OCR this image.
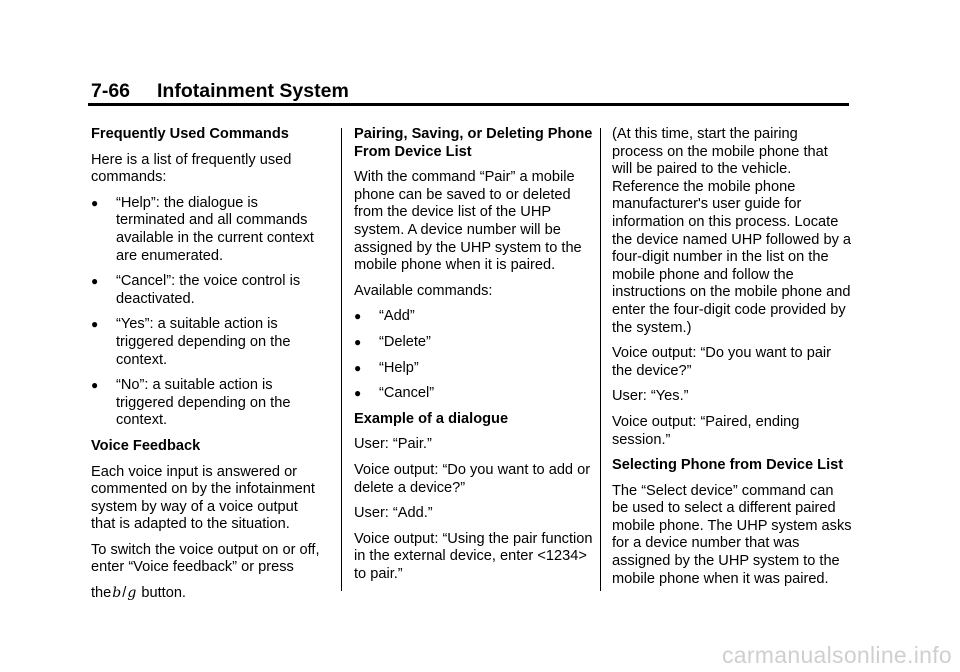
7-66 Infotainment System
Frequently Used Commands
Here is a list of frequently used commands:
● “Help”: the dialogue is terminated and all commands available in the current context are enumerated.
● “Cancel”: the voice control is deactivated.
● “Yes”: a suitable action is triggered depending on the context.
● “No”: a suitable action is triggered depending on the context.
Voice Feedback
Each voice input is answered or commented on by the infotainment system by way of a voice output that is adapted to the situation.
To switch the voice output on or off, enter “Voice feedback” or press
theb/g button.
Pairing, Saving, or Deleting Phone From Device List
With the command “Pair” a mobile phone can be saved to or deleted from the device list of the UHP system. A device number will be assigned by the UHP system to the mobile phone when it is paired.
Available commands:
● “Add”
● “Delete”
● “Help”
● “Cancel”
Example of a dialogue
User: “Pair.”
Voice output: “Do you want to add or delete a device?”
User: “Add.”
Voice output: “Using the pair function in the external device, enter <1234> to pair.”
(At this time, start the pairing process on the mobile phone that will be paired to the vehicle. Reference the mobile phone manufacturer's user guide for information on this process. Locate the device named UHP followed by a four-digit number in the list on the mobile phone and follow the instructions on the mobile phone and enter the four-digit code provided by the system.)
Voice output: “Do you want to pair the device?”
User: “Yes.”
Voice output: “Paired, ending session.”
Selecting Phone from Device List
The “Select device” command can be used to select a different paired mobile phone. The UHP system asks for a device number that was assigned by the UHP system to the mobile phone when it was paired.
carmanualsonline.info
